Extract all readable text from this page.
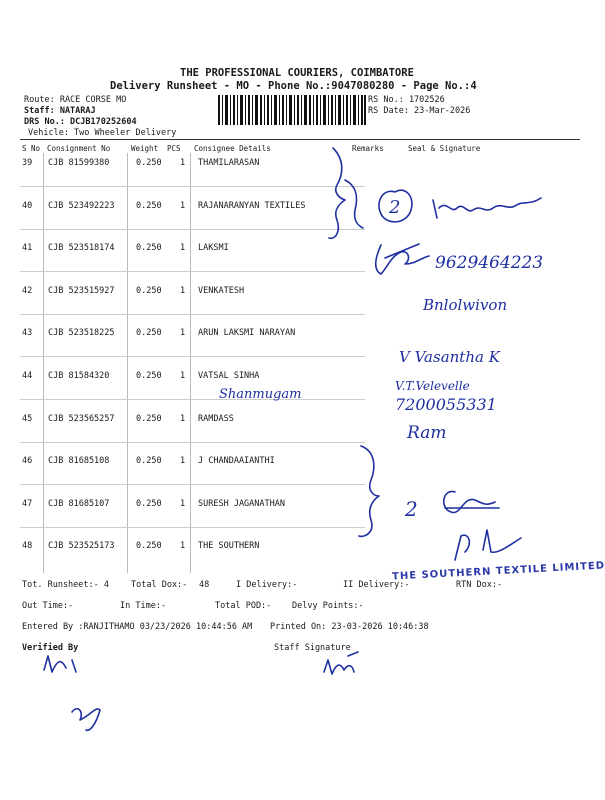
THE PROFESSIONAL COURIERS, COIMBATORE
Delivery Runsheet - MO - Phone No.:9047080280 - Page No.:4
Route: RACE CORSE MO
Staff: NATARAJ
DRS No.: DCJB170252604
Vehicle: Two Wheeler Delivery
RS No.: 1702526
RS Date: 23-Mar-2026
S No Consignment No	Weight PCS Consignee Details	Remarks	Seal & Signature
39 CJB 81599380	0.250 1 THAMILARASAN
40 CJB 523492223	0.250 1 RAJANARANYAN TEXTILES
41 CJB 523518174	0.250 1 LAKSMI
42 CJB 523515927	0.250 1 VENKATESH
43 CJB 523518225	0.250 1 ARUN LAKSMI NARAYAN
44 CJB 81584320	0.250 1 VATSAL SINHA
45 CJB 523565257	0.250 1 RAMDASS
46 CJB 81685108	0.250 1 J CHANDAAIANTHI
47 CJB 81685107	0.250 1 SURESH JAGANATHAN
48 CJB 523525173	0.250 1 THE SOUTHERN
2
9629464223
Bnlolwivon
V Vasantha K
Shanmugam
V.T.Velevelle
7200055331
Ram
2
THE SOUTHERN TEXTILE LIMITED
Tot. Runsheet:- 4	Total Dox:- 48	I Delivery:-	II Delivery:-	RTN Dox:-
Out Time:-	In Time:-	Total POD:- Delvy Points:-
Entered By :RANJITHAMO 03/23/2026 10:44:56 AM Printed On: 23-03-2026 10:46:38
Verified By	Staff Signature
